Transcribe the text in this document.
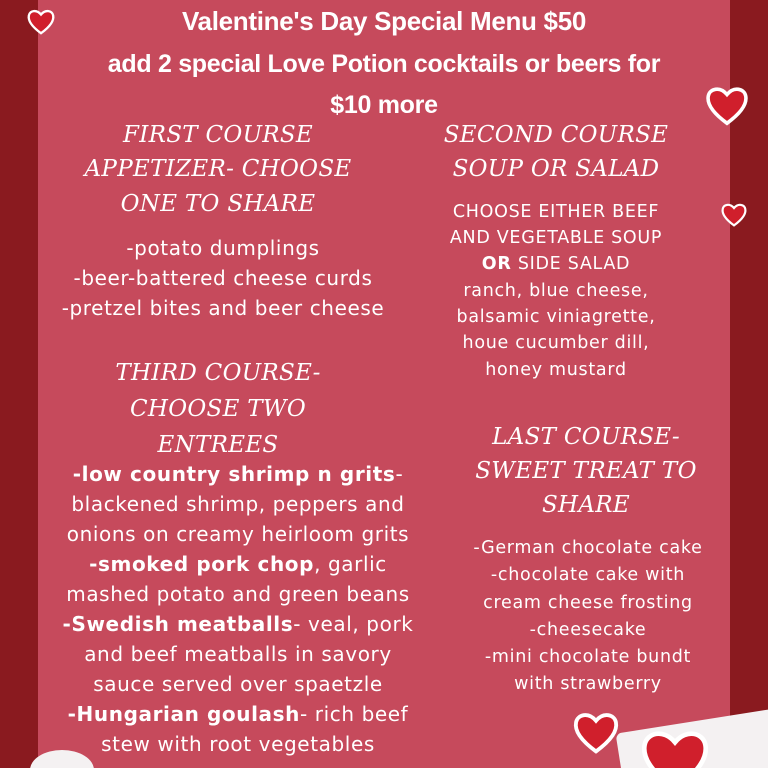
Valentine's Day Special Menu $50
add 2 special Love Potion cocktails or beers for
$10 more
FIRST COURSE
APPETIZER- CHOOSE
ONE TO SHARE
-potato dumplings
-beer-battered cheese curds
-pretzel bites and beer cheese
SECOND COURSE
SOUP OR SALAD
CHOOSE EITHER BEEF
AND VEGETABLE SOUP
OR SIDE SALAD
ranch, blue cheese,
balsamic viniagrette,
houe cucumber dill,
honey mustard
THIRD COURSE-
CHOOSE TWO
ENTREES
-low country shrimp n grits-
blackened shrimp, peppers and
onions on creamy heirloom grits
-smoked pork chop, garlic
mashed potato and green beans
-Swedish meatballs- veal, pork
and beef meatballs in savory
sauce served over spaetzle
-Hungarian goulash- rich beef
stew with root vegetables
LAST COURSE-
SWEET TREAT TO
SHARE
-German chocolate cake
-chocolate cake with
cream cheese frosting
-cheesecake
-mini chocolate bundt
with strawberry
